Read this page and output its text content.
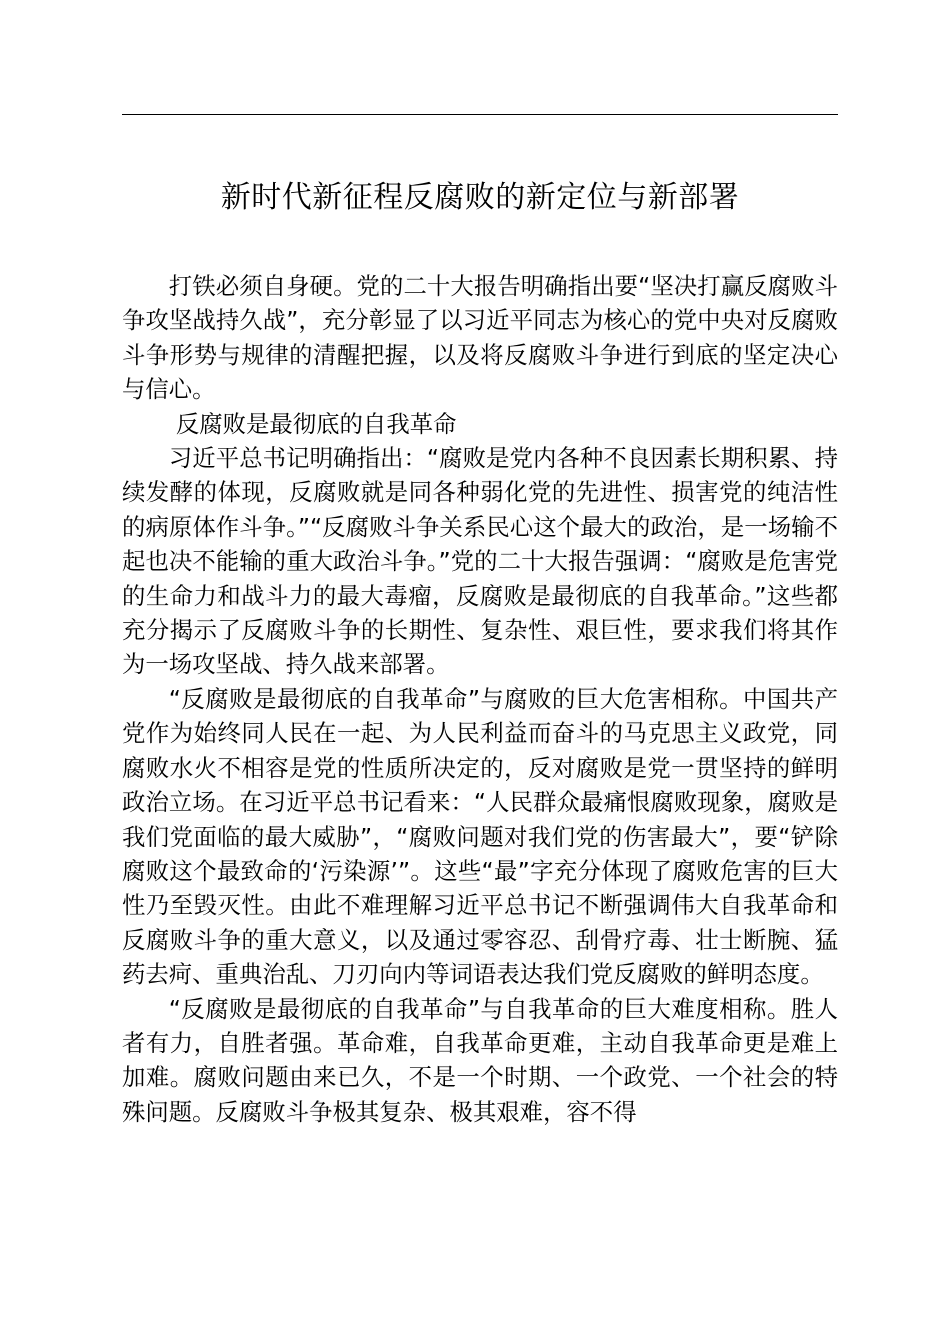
新时代新征程反腐败的新定位与新部署

打铁必须自身硬。党的二十大报告明确指出要“坚决打赢反腐败斗争攻坚战持久战”，充分彰显了以习近平同志为核心的党中央对反腐败斗争形势与规律的清醒把握，以及将反腐败斗争进行到底的坚定决心与信心。

反腐败是最彻底的自我革命

习近平总书记明确指出：“腐败是党内各种不良因素长期积累、持续发酵的体现，反腐败就是同各种弱化党的先进性、损害党的纯洁性的病原体作斗争。”“反腐败斗争关系民心这个最大的政治，是一场输不起也决不能输的重大政治斗争。”党的二十大报告强调：“腐败是危害党的生命力和战斗力的最大毒瘤，反腐败是最彻底的自我革命。”这些都充分揭示了反腐败斗争的长期性、复杂性、艰巨性，要求我们将其作为一场攻坚战、持久战来部署。

“反腐败是最彻底的自我革命”与腐败的巨大危害相称。中国共产党作为始终同人民在一起、为人民利益而奋斗的马克思主义政党，同腐败水火不相容是党的性质所决定的，反对腐败是党一贯坚持的鲜明政治立场。在习近平总书记看来：“人民群众最痛恨腐败现象，腐败是我们党面临的最大威胁”，“腐败问题对我们党的伤害最大”，要“铲除腐败这个最致命的‘污染源’”。这些“最”字充分体现了腐败危害的巨大性乃至毁灭性。由此不难理解习近平总书记不断强调伟大自我革命和反腐败斗争的重大意义，以及通过零容忍、刮骨疗毒、壮士断腕、猛药去疴、重典治乱、刀刃向内等词语表达我们党反腐败的鲜明态度。

“反腐败是最彻底的自我革命”与自我革命的巨大难度相称。胜人者有力，自胜者强。革命难，自我革命更难，主动自我革命更是难上加难。腐败问题由来已久，不是一个时期、一个政党、一个社会的特殊问题。反腐败斗争极其复杂、极其艰难，容不得
